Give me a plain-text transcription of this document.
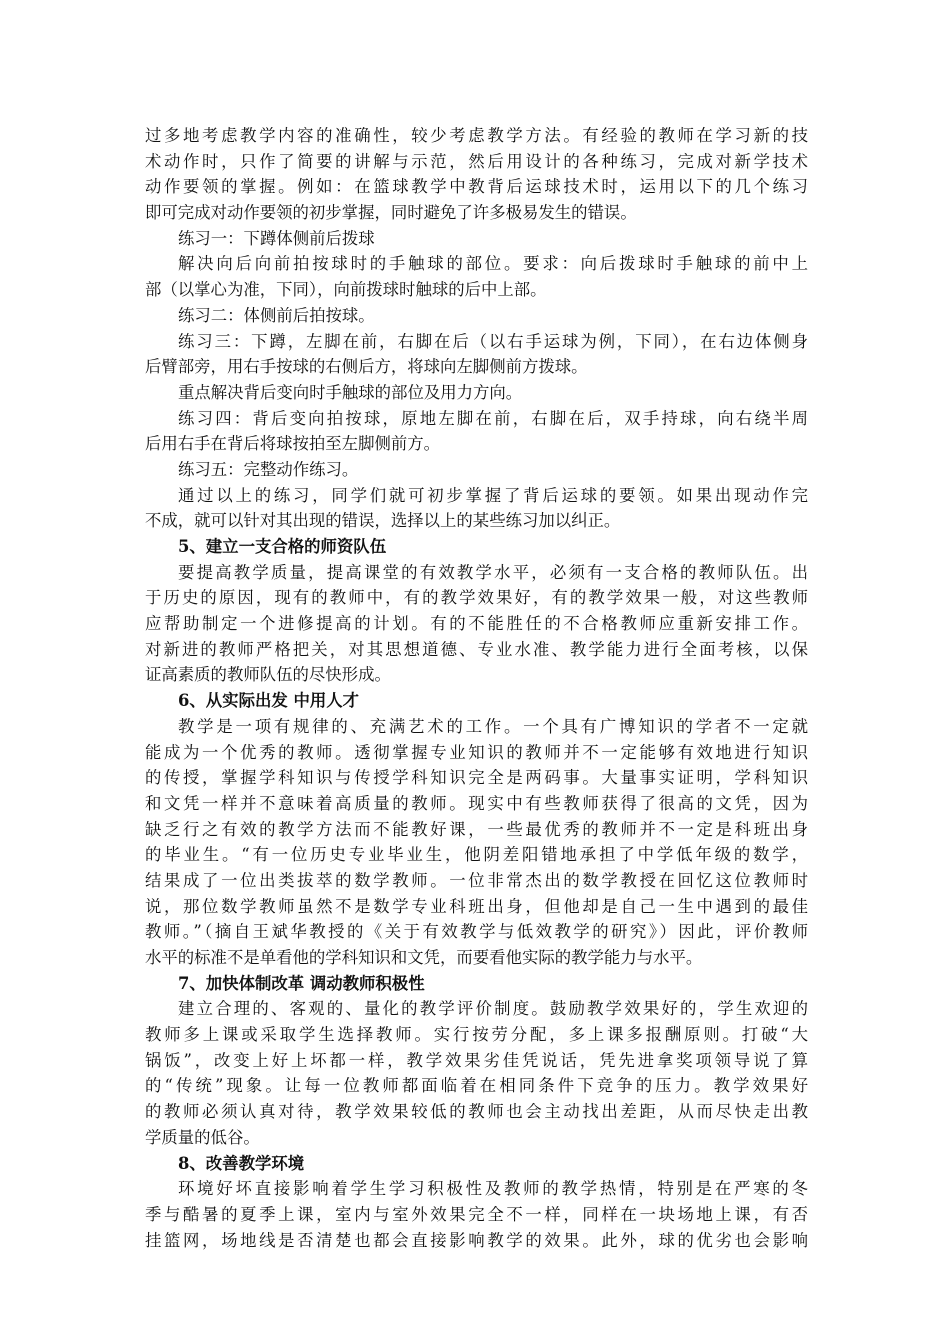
过多地考虑教学内容的准确性，较少考虑教学方法。有经验的教师在学习新的技
术动作时，只作了简要的讲解与示范，然后用设计的各种练习，完成对新学技术
动作要领的掌握。例如：在篮球教学中教背后运球技术时，运用以下的几个练习
即可完成对动作要领的初步掌握，同时避免了许多极易发生的错误。
练习一：下蹲体侧前后拨球
解决向后向前拍按球时的手触球的部位。要求：向后拨球时手触球的前中上
部（以掌心为准，下同），向前拨球时触球的后中上部。
练习二：体侧前后拍按球。
练习三：下蹲，左脚在前，右脚在后（以右手运球为例，下同），在右边体侧身
后臂部旁，用右手按球的右侧后方，将球向左脚侧前方拨球。
重点解决背后变向时手触球的部位及用力方向。
练习四：背后变向拍按球，原地左脚在前，右脚在后，双手持球，向右绕半周
后用右手在背后将球按拍至左脚侧前方。
练习五：完整动作练习。
通过以上的练习，同学们就可初步掌握了背后运球的要领。如果出现动作完
不成，就可以针对其出现的错误，选择以上的某些练习加以纠正。
5、建立一支合格的师资队伍
要提高教学质量，提高课堂的有效教学水平，必须有一支合格的教师队伍。出
于历史的原因，现有的教师中，有的教学效果好，有的教学效果一般，对这些教师
应帮助制定一个进修提高的计划。有的不能胜任的不合格教师应重新安排工作。
对新进的教师严格把关，对其思想道德、专业水准、教学能力进行全面考核，以保
证高素质的教师队伍的尽快形成。
6、从实际出发 中用人才
教学是一项有规律的、充满艺术的工作。一个具有广博知识的学者不一定就
能成为一个优秀的教师。透彻掌握专业知识的教师并不一定能够有效地进行知识
的传授，掌握学科知识与传授学科知识完全是两码事。大量事实证明，学科知识
和文凭一样并不意味着高质量的教师。现实中有些教师获得了很高的文凭，因为
缺乏行之有效的教学方法而不能教好课，一些最优秀的教师并不一定是科班出身
的毕业生。“有一位历史专业毕业生，他阴差阳错地承担了中学低年级的数学，
结果成了一位出类拔萃的数学教师。一位非常杰出的数学教授在回忆这位教师时
说，那位数学教师虽然不是数学专业科班出身，但他却是自己一生中遇到的最佳
教师。”（摘自王斌华教授的《关于有效教学与低效教学的研究》）因此，评价教师
水平的标准不是单看他的学科知识和文凭，而要看他实际的教学能力与水平。
7、加快体制改革 调动教师积极性
建立合理的、客观的、量化的教学评价制度。鼓励教学效果好的，学生欢迎的
教师多上课或采取学生选择教师。实行按劳分配，多上课多报酬原则。打破“大
锅饭”，改变上好上坏都一样，教学效果劣佳凭说话，凭先进拿奖项领导说了算
的“传统”现象。让每一位教师都面临着在相同条件下竞争的压力。教学效果好
的教师必须认真对待，教学效果较低的教师也会主动找出差距，从而尽快走出教
学质量的低谷。
8、改善教学环境
环境好坏直接影响着学生学习积极性及教师的教学热情，特别是在严寒的冬
季与酷暑的夏季上课，室内与室外效果完全不一样，同样在一块场地上课，有否
挂篮网，场地线是否清楚也都会直接影响教学的效果。此外，球的优劣也会影响
